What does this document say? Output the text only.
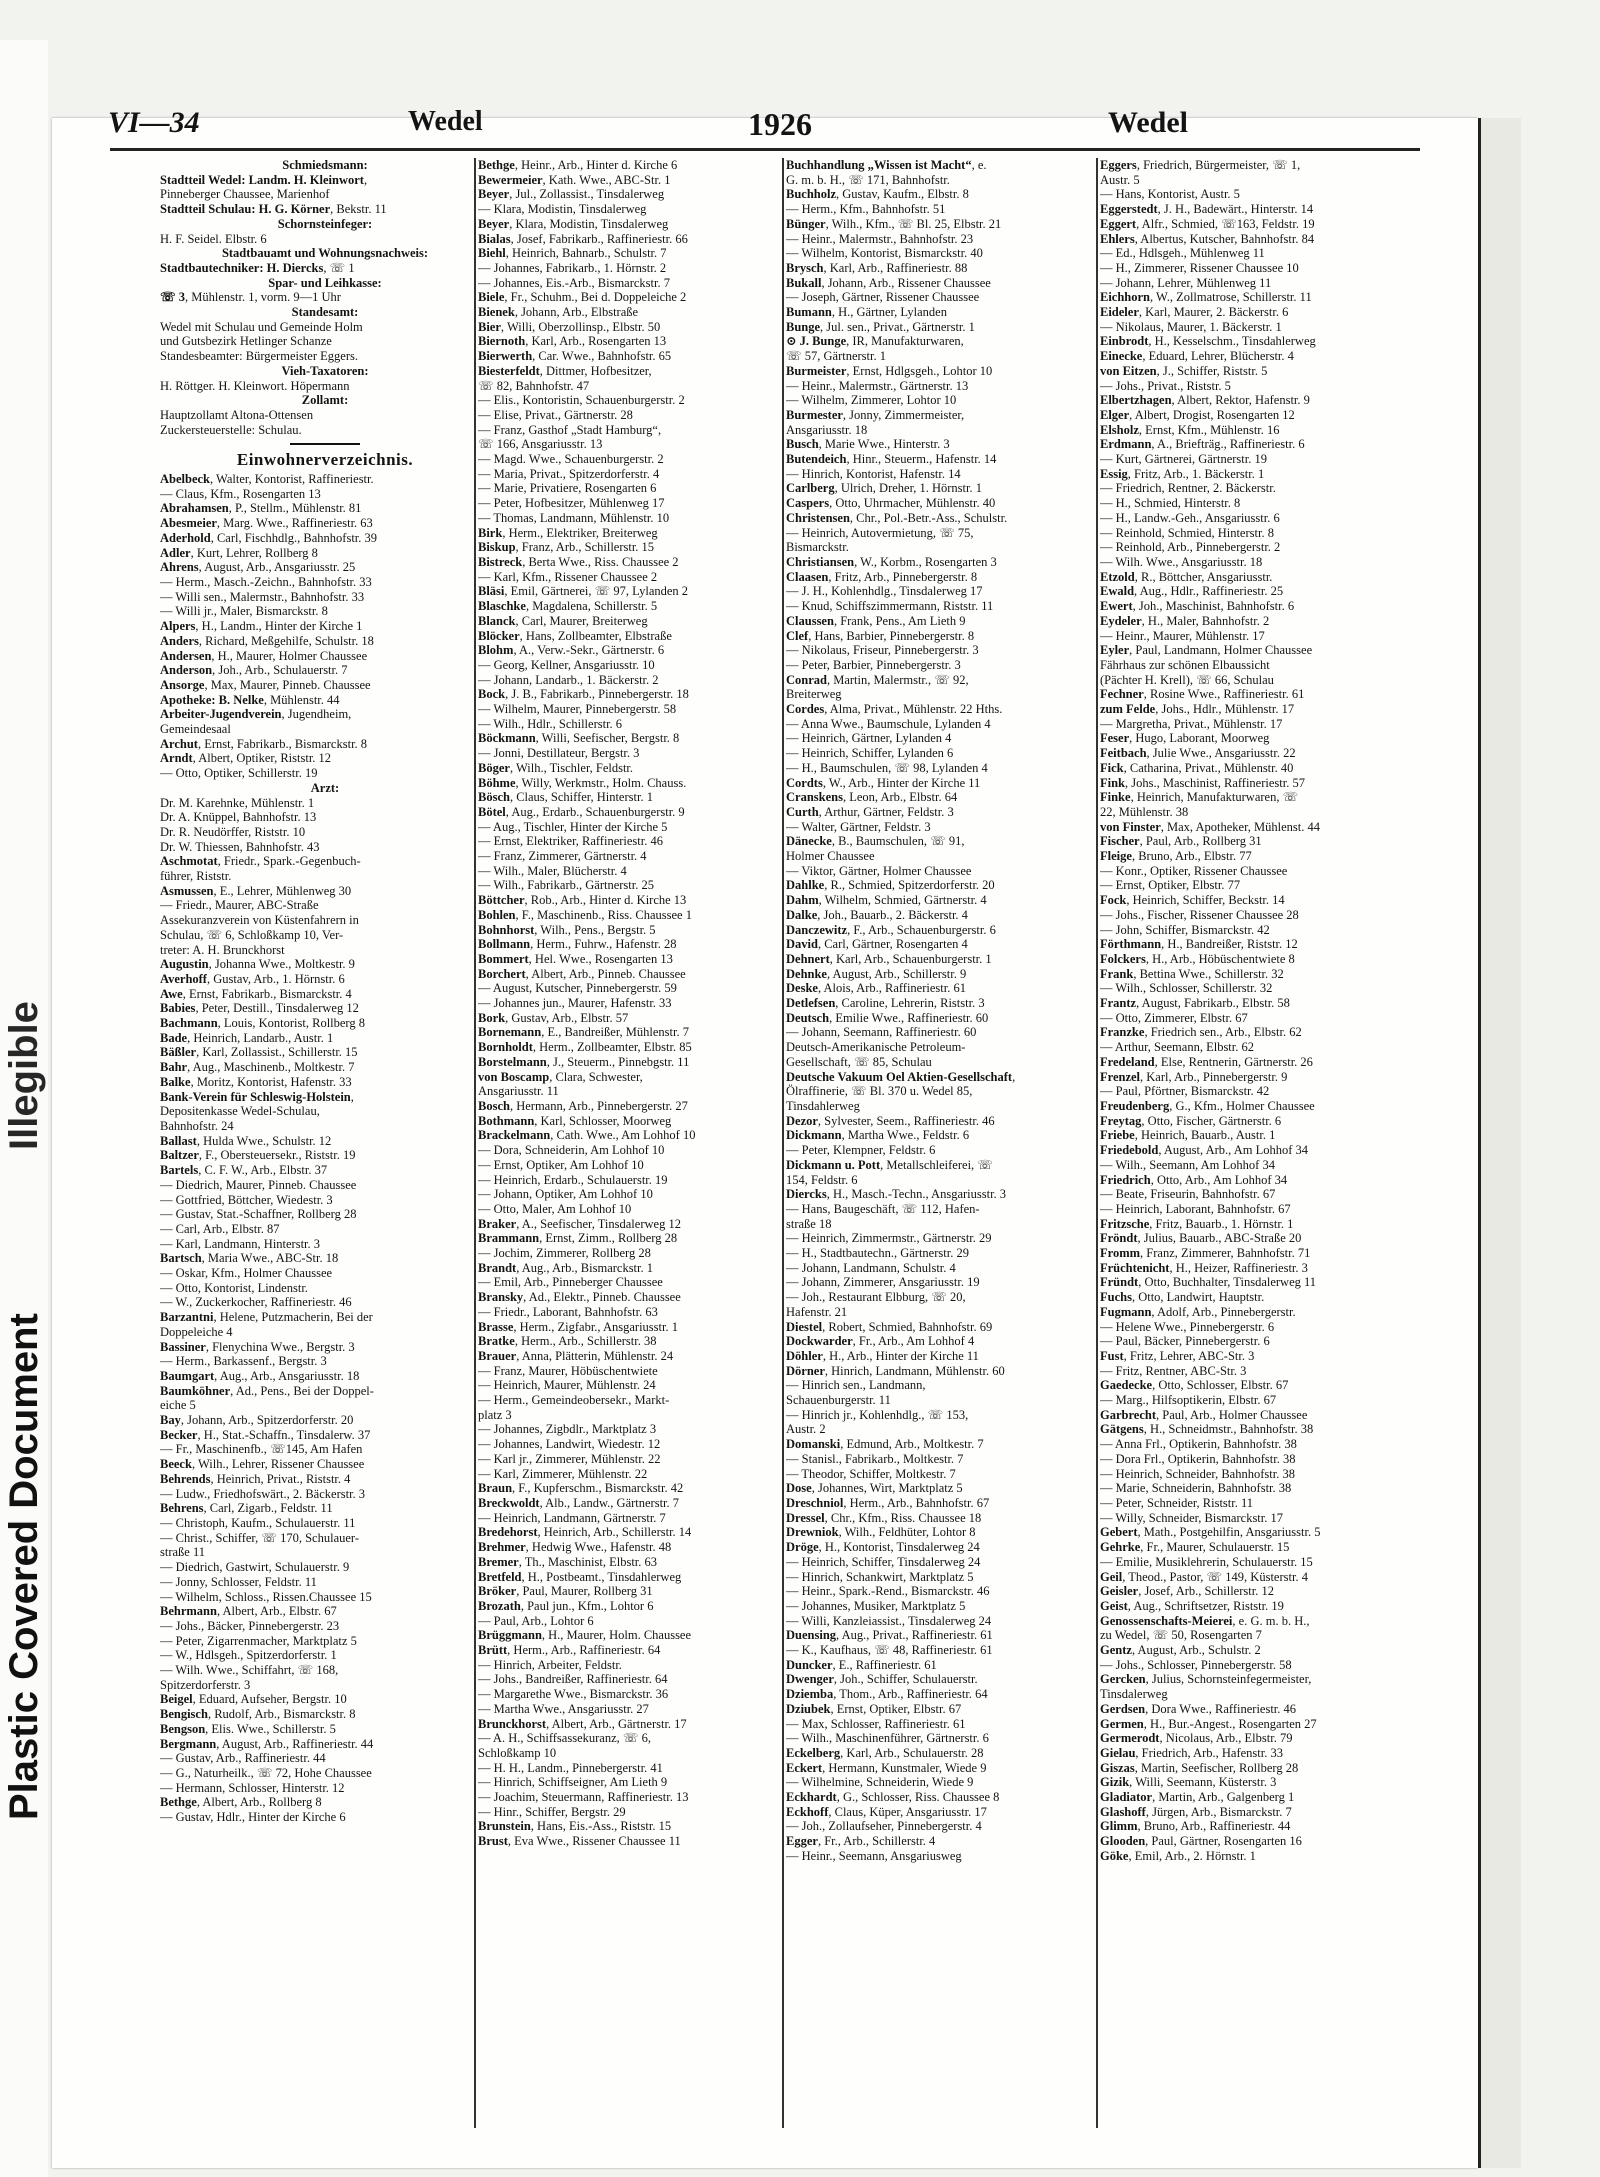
Plastic Covered Document
Illegible
VI—34	Wedel	1926	Wedel
Schmiedsmann:
Stadtteil Wedel: Landm. H. Kleinwort,
Pinneberger Chaussee, Marienhof
Stadtteil Schulau: H. G. Körner, Bekstr. 11
Schornsteinfeger:
H. F. Seidel. Elbstr. 6
Stadtbauamt und Wohnungsnachweis:
Stadtbautechniker: H. Diercks, ☏ 1
Spar- und Leihkasse:
☏ 3, Mühlenstr. 1, vorm. 9—1 Uhr
Standesamt:
Wedel mit Schulau und Gemeinde Holm
und Gutsbezirk Hetlinger Schanze
Standesbeamter: Bürgermeister Eggers.
Vieh-Taxatoren:
H. Röttger. H. Kleinwort. Höpermann
Zollamt:
Hauptzollamt Altona-Ottensen
Zuckersteuerstelle: Schulau.
Einwohnerverzeichnis.
Abelbeck, Walter, Kontorist, Raffineriestr.
— Claus, Kfm., Rosengarten 13
Abrahamsen, P., Stellm., Mühlenstr. 81
Abesmeier, Marg. Wwe., Raffineriestr. 63
Aderhold, Carl, Fischhdlg., Bahnhofstr. 39
Adler, Kurt, Lehrer, Rollberg 8
Ahrens, August, Arb., Ansgariusstr. 25
— Herm., Masch.-Zeichn., Bahnhofstr. 33
— Willi sen., Malermstr., Bahnhofstr. 33
— Willi jr., Maler, Bismarckstr. 8
Alpers, H., Landm., Hinter der Kirche 1
Anders, Richard, Meßgehilfe, Schulstr. 18
Andersen, H., Maurer, Holmer Chaussee
Anderson, Joh., Arb., Schulauerstr. 7
Ansorge, Max, Maurer, Pinneb. Chaussee
Apotheke: B. Nelke, Mühlenstr. 44
Arbeiter-Jugendverein, Jugendheim,
Gemeindesaal
Archut, Ernst, Fabrikarb., Bismarckstr. 8
Arndt, Albert, Optiker, Riststr. 12
— Otto, Optiker, Schillerstr. 19
Arzt:
Dr. M. Karehnke, Mühlenstr. 1
Dr. A. Knüppel, Bahnhofstr. 13
Dr. R. Neudörffer, Riststr. 10
Dr. W. Thiessen, Bahnhofstr. 43
Aschmotat, Friedr., Spark.-Gegenbuch-
führer, Riststr.
Asmussen, E., Lehrer, Mühlenweg 30
— Friedr., Maurer, ABC-Straße
Assekuranzverein von Küstenfahrern in
Schulau, ☏ 6, Schloßkamp 10, Ver-
treter: A. H. Brunckhorst
Augustin, Johanna Wwe., Moltkestr. 9
Averhoff, Gustav, Arb., 1. Hörnstr. 6
Awe, Ernst, Fabrikarb., Bismarckstr. 4
Babies, Peter, Destill., Tinsdalerweg 12
Bachmann, Louis, Kontorist, Rollberg 8
Bade, Heinrich, Landarb., Austr. 1
Bäßler, Karl, Zollassist., Schillerstr. 15
Bahr, Aug., Maschinenb., Moltkestr. 7
Balke, Moritz, Kontorist, Hafenstr. 33
Bank-Verein für Schleswig-Holstein,
Depositenkasse Wedel-Schulau,
Bahnhofstr. 24
Ballast, Hulda Wwe., Schulstr. 12
Baltzer, F., Obersteuersekr., Riststr. 19
Bartels, C. F. W., Arb., Elbstr. 37
— Diedrich, Maurer, Pinneb. Chaussee
— Gottfried, Böttcher, Wiedestr. 3
— Gustav, Stat.-Schaffner, Rollberg 28
— Carl, Arb., Elbstr. 87
— Karl, Landmann, Hinterstr. 3
Bartsch, Maria Wwe., ABC-Str. 18
— Oskar, Kfm., Holmer Chaussee
— Otto, Kontorist, Lindenstr.
— W., Zuckerkocher, Raffineriestr. 46
Barzantni, Helene, Putzmacherin, Bei der
Doppeleiche 4
Bassiner, Flenychina Wwe., Bergstr. 3
— Herm., Barkassenf., Bergstr. 3
Baumgart, Aug., Arb., Ansgariusstr. 18
Baumköhner, Ad., Pens., Bei der Doppel-
eiche 5
Bay, Johann, Arb., Spitzerdorferstr. 20
Becker, H., Stat.-Schaffn., Tinsdalerw. 37
— Fr., Maschinenfb., ☏145, Am Hafen
Beeck, Wilh., Lehrer, Rissener Chaussee
Behrends, Heinrich, Privat., Riststr. 4
— Ludw., Friedhofswärt., 2. Bäckerstr. 3
Behrens, Carl, Zigarb., Feldstr. 11
— Christoph, Kaufm., Schulauerstr. 11
— Christ., Schiffer, ☏ 170, Schulauer-
straße 11
— Diedrich, Gastwirt, Schulauerstr. 9
— Jonny, Schlosser, Feldstr. 11
— Wilhelm, Schloss., Rissen.Chaussee 15
Behrmann, Albert, Arb., Elbstr. 67
— Johs., Bäcker, Pinnebergerstr. 23
— Peter, Zigarrenmacher, Marktplatz 5
— W., Hdlsgeh., Spitzerdorferstr. 1
— Wilh. Wwe., Schiffahrt, ☏ 168,
Spitzerdorferstr. 3
Beigel, Eduard, Aufseher, Bergstr. 10
Bengisch, Rudolf, Arb., Bismarckstr. 8
Bengson, Elis. Wwe., Schillerstr. 5
Bergmann, August, Arb., Raffineriestr. 44
— Gustav, Arb., Raffineriestr. 44
— G., Naturheilk., ☏ 72, Hohe Chaussee
— Hermann, Schlosser, Hinterstr. 12
Bethge, Albert, Arb., Rollberg 8
— Gustav, Hdlr., Hinter der Kirche 6
Bethge, Heinr., Arb., Hinter d. Kirche 6
Bewermeier, Kath. Wwe., ABC-Str. 1
Beyer, Jul., Zollassist., Tinsdalerweg
— Klara, Modistin, Tinsdalerweg
Beyer, Klara, Modistin, Tinsdalerweg
Bialas, Josef, Fabrikarb., Raffineriestr. 66
Biehl, Heinrich, Bahnarb., Schulstr. 7
— Johannes, Fabrikarb., 1. Hörnstr. 2
— Johannes, Eis.-Arb., Bismarckstr. 7
Biele, Fr., Schuhm., Bei d. Doppeleiche 2
Bienek, Johann, Arb., Elbstraße
Bier, Willi, Oberzollinsp., Elbstr. 50
Biernoth, Karl, Arb., Rosengarten 13
Bierwerth, Car. Wwe., Bahnhofstr. 65
Biesterfeldt, Dittmer, Hofbesitzer,
☏ 82, Bahnhofstr. 47
— Elis., Kontoristin, Schauenburgerstr. 2
— Elise, Privat., Gärtnerstr. 28
— Franz, Gasthof „Stadt Hamburg“,
☏ 166, Ansgariusstr. 13
— Magd. Wwe., Schauenburgerstr. 2
— Maria, Privat., Spitzerdorferstr. 4
— Marie, Privatiere, Rosengarten 6
— Peter, Hofbesitzer, Mühlenweg 17
— Thomas, Landmann, Mühlenstr. 10
Birk, Herm., Elektriker, Breiterweg
Biskup, Franz, Arb., Schillerstr. 15
Bistreck, Berta Wwe., Riss. Chaussee 2
— Karl, Kfm., Rissener Chaussee 2
Bläsi, Emil, Gärtnerei, ☏ 97, Lylanden 2
Blaschke, Magdalena, Schillerstr. 5
Blanck, Carl, Maurer, Breiterweg
Blöcker, Hans, Zollbeamter, Elbstraße
Blohm, A., Verw.-Sekr., Gärtnerstr. 6
— Georg, Kellner, Ansgariusstr. 10
— Johann, Landarb., 1. Bäckerstr. 2
Bock, J. B., Fabrikarb., Pinnebergerstr. 18
— Wilhelm, Maurer, Pinnebergerstr. 58
— Wilh., Hdlr., Schillerstr. 6
Böckmann, Willi, Seefischer, Bergstr. 8
— Jonni, Destillateur, Bergstr. 3
Böger, Wilh., Tischler, Feldstr.
Böhme, Willy, Werkmstr., Holm. Chauss.
Bösch, Claus, Schiffer, Hinterstr. 1
Bötel, Aug., Erdarb., Schauenburgerstr. 9
— Aug., Tischler, Hinter der Kirche 5
— Ernst, Elektriker, Raffineriestr. 46
— Franz, Zimmerer, Gärtnerstr. 4
— Wilh., Maler, Blücherstr. 4
— Wilh., Fabrikarb., Gärtnerstr. 25
Böttcher, Rob., Arb., Hinter d. Kirche 13
Bohlen, F., Maschinenb., Riss. Chaussee 1
Bohnhorst, Wilh., Pens., Bergstr. 5
Bollmann, Herm., Fuhrw., Hafenstr. 28
Bommert, Hel. Wwe., Rosengarten 13
Borchert, Albert, Arb., Pinneb. Chaussee
— August, Kutscher, Pinnebergerstr. 59
— Johannes jun., Maurer, Hafenstr. 33
Bork, Gustav, Arb., Elbstr. 57
Bornemann, E., Bandreißer, Mühlenstr. 7
Bornholdt, Herm., Zollbeamter, Elbstr. 85
Borstelmann, J., Steuerm., Pinnebgstr. 11
von Boscamp, Clara, Schwester,
Ansgariusstr. 11
Bosch, Hermann, Arb., Pinnebergerstr. 27
Bothmann, Karl, Schlosser, Moorweg
Brackelmann, Cath. Wwe., Am Lohhof 10
— Dora, Schneiderin, Am Lohhof 10
— Ernst, Optiker, Am Lohhof 10
— Heinrich, Erdarb., Schulauerstr. 19
— Johann, Optiker, Am Lohhof 10
— Otto, Maler, Am Lohhof 10
Braker, A., Seefischer, Tinsdalerweg 12
Brammann, Ernst, Zimm., Rollberg 28
— Jochim, Zimmerer, Rollberg 28
Brandt, Aug., Arb., Bismarckstr. 1
— Emil, Arb., Pinneberger Chaussee
Bransky, Ad., Elektr., Pinneb. Chaussee
— Friedr., Laborant, Bahnhofstr. 63
Brasse, Herm., Zigfabr., Ansgariusstr. 1
Bratke, Herm., Arb., Schillerstr. 38
Brauer, Anna, Plätterin, Mühlenstr. 24
— Franz, Maurer, Höbüschentwiete
— Heinrich, Maurer, Mühlenstr. 24
— Herm., Gemeindeobersekr., Markt-
platz 3
— Johannes, Zigbdlr., Marktplatz 3
— Johannes, Landwirt, Wiedestr. 12
— Karl jr., Zimmerer, Mühlenstr. 22
— Karl, Zimmerer, Mühlenstr. 22
Braun, F., Kupferschm., Bismarckstr. 42
Breckwoldt, Alb., Landw., Gärtnerstr. 7
— Heinrich, Landmann, Gärtnerstr. 7
Bredehorst, Heinrich, Arb., Schillerstr. 14
Brehmer, Hedwig Wwe., Hafenstr. 48
Bremer, Th., Maschinist, Elbstr. 63
Bretfeld, H., Postbeamt., Tinsdahlerweg
Bröker, Paul, Maurer, Rollberg 31
Brozath, Paul jun., Kfm., Lohtor 6
— Paul, Arb., Lohtor 6
Brüggmann, H., Maurer, Holm. Chaussee
Brütt, Herm., Arb., Raffineriestr. 64
— Hinrich, Arbeiter, Feldstr.
— Johs., Bandreißer, Raffineriestr. 64
— Margarethe Wwe., Bismarckstr. 36
— Martha Wwe., Ansgariusstr. 27
Brunckhorst, Albert, Arb., Gärtnerstr. 17
— A. H., Schiffsassekuranz, ☏ 6,
Schloßkamp 10
— H. H., Landm., Pinnebergerstr. 41
— Hinrich, Schiffseigner, Am Lieth 9
— Joachim, Steuermann, Raffineriestr. 13
— Hinr., Schiffer, Bergstr. 29
Brunstein, Hans, Eis.-Ass., Riststr. 15
Brust, Eva Wwe., Rissener Chaussee 11
Buchhandlung „Wissen ist Macht“, e.
G. m. b. H., ☏ 171, Bahnhofstr.
Buchholz, Gustav, Kaufm., Elbstr. 8
— Herm., Kfm., Bahnhofstr. 51
Bünger, Wilh., Kfm., ☏ Bl. 25, Elbstr. 21
— Heinr., Malermstr., Bahnhofstr. 23
— Wilhelm, Kontorist, Bismarckstr. 40
Brysch, Karl, Arb., Raffineriestr. 88
Bukall, Johann, Arb., Rissener Chaussee
— Joseph, Gärtner, Rissener Chaussee
Bumann, H., Gärtner, Lylanden
Bunge, Jul. sen., Privat., Gärtnerstr. 1
⊙ J. Bunge, IR, Manufakturwaren,
☏ 57, Gärtnerstr. 1
Burmeister, Ernst, Hdlgsgeh., Lohtor 10
— Heinr., Malermstr., Gärtnerstr. 13
— Wilhelm, Zimmerer, Lohtor 10
Burmester, Jonny, Zimmermeister,
Ansgariusstr. 18
Busch, Marie Wwe., Hinterstr. 3
Butendeich, Hinr., Steuerm., Hafenstr. 14
— Hinrich, Kontorist, Hafenstr. 14
Carlberg, Ulrich, Dreher, 1. Hörnstr. 1
Caspers, Otto, Uhrmacher, Mühlenstr. 40
Christensen, Chr., Pol.-Betr.-Ass., Schulstr.
— Heinrich, Autovermietung, ☏ 75,
Bismarckstr.
Christiansen, W., Korbm., Rosengarten 3
Claasen, Fritz, Arb., Pinnebergerstr. 8
— J. H., Kohlenhdlg., Tinsdalerweg 17
— Knud, Schiffszimmermann, Riststr. 11
Claussen, Frank, Pens., Am Lieth 9
Clef, Hans, Barbier, Pinnebergerstr. 8
— Nikolaus, Friseur, Pinnebergerstr. 3
— Peter, Barbier, Pinnebergerstr. 3
Conrad, Martin, Malermstr., ☏ 92,
Breiterweg
Cordes, Alma, Privat., Mühlenstr. 22 Hths.
— Anna Wwe., Baumschule, Lylanden 4
— Heinrich, Gärtner, Lylanden 4
— Heinrich, Schiffer, Lylanden 6
— H., Baumschulen, ☏ 98, Lylanden 4
Cordts, W., Arb., Hinter der Kirche 11
Cranskens, Leon, Arb., Elbstr. 64
Curth, Arthur, Gärtner, Feldstr. 3
— Walter, Gärtner, Feldstr. 3
Dänecke, B., Baumschulen, ☏ 91,
Holmer Chaussee
— Viktor, Gärtner, Holmer Chaussee
Dahlke, R., Schmied, Spitzerdorferstr. 20
Dahm, Wilhelm, Schmied, Gärtnerstr. 4
Dalke, Joh., Bauarb., 2. Bäckerstr. 4
Danczewitz, F., Arb., Schauenburgerstr. 6
David, Carl, Gärtner, Rosengarten 4
Dehnert, Karl, Arb., Schauenburgerstr. 1
Dehnke, August, Arb., Schillerstr. 9
Deske, Alois, Arb., Raffineriestr. 61
Detlefsen, Caroline, Lehrerin, Riststr. 3
Deutsch, Emilie Wwe., Raffineriestr. 60
— Johann, Seemann, Raffineriestr. 60
Deutsch-Amerikanische Petroleum-
Gesellschaft, ☏ 85, Schulau
Deutsche Vakuum Oel Aktien-Gesellschaft,
Ölraffinerie, ☏ Bl. 370 u. Wedel 85,
Tinsdahlerweg
Dezor, Sylvester, Seem., Raffineriestr. 46
Dickmann, Martha Wwe., Feldstr. 6
— Peter, Klempner, Feldstr. 6
Dickmann u. Pott, Metallschleiferei, ☏
154, Feldstr. 6
Diercks, H., Masch.-Techn., Ansgariusstr. 3
— Hans, Baugeschäft, ☏ 112, Hafen-
straße 18
— Heinrich, Zimmermstr., Gärtnerstr. 29
— H., Stadtbautechn., Gärtnerstr. 29
— Johann, Landmann, Schulstr. 4
— Johann, Zimmerer, Ansgariusstr. 19
— Joh., Restaurant Elbburg, ☏ 20,
Hafenstr. 21
Diestel, Robert, Schmied, Bahnhofstr. 69
Dockwarder, Fr., Arb., Am Lohhof 4
Döhler, H., Arb., Hinter der Kirche 11
Dörner, Hinrich, Landmann, Mühlenstr. 60
— Hinrich sen., Landmann,
Schauenburgerstr. 11
— Hinrich jr., Kohlenhdlg., ☏ 153,
Austr. 2
Domanski, Edmund, Arb., Moltkestr. 7
— Stanisl., Fabrikarb., Moltkestr. 7
— Theodor, Schiffer, Moltkestr. 7
Dose, Johannes, Wirt, Marktplatz 5
Dreschniol, Herm., Arb., Bahnhofstr. 67
Dressel, Chr., Kfm., Riss. Chaussee 18
Drewniok, Wilh., Feldhüter, Lohtor 8
Dröge, H., Kontorist, Tinsdalerweg 24
— Heinrich, Schiffer, Tinsdalerweg 24
— Hinrich, Schankwirt, Marktplatz 5
— Heinr., Spark.-Rend., Bismarckstr. 46
— Johannes, Musiker, Marktplatz 5
— Willi, Kanzleiassist., Tinsdalerweg 24
Duensing, Aug., Privat., Raffineriestr. 61
— K., Kaufhaus, ☏ 48, Raffineriestr. 61
Duncker, E., Raffineriestr. 61
Dwenger, Joh., Schiffer, Schulauerstr.
Dziemba, Thom., Arb., Raffineriestr. 64
Dziubek, Ernst, Optiker, Elbstr. 67
— Max, Schlosser, Raffineriestr. 61
— Wilh., Maschinenführer, Gärtnerstr. 6
Eckelberg, Karl, Arb., Schulauerstr. 28
Eckert, Hermann, Kunstmaler, Wiede 9
— Wilhelmine, Schneiderin, Wiede 9
Eckhardt, G., Schlosser, Riss. Chaussee 8
Eckhoff, Claus, Küper, Ansgariusstr. 17
— Joh., Zollaufseher, Pinnebergerstr. 4
Egger, Fr., Arb., Schillerstr. 4
— Heinr., Seemann, Ansgariusweg
Eggers, Friedrich, Bürgermeister, ☏ 1,
Austr. 5
— Hans, Kontorist, Austr. 5
Eggerstedt, J. H., Badewärt., Hinterstr. 14
Eggert, Alfr., Schmied, ☏163, Feldstr. 19
Ehlers, Albertus, Kutscher, Bahnhofstr. 84
— Ed., Hdlsgeh., Mühlenweg 11
— H., Zimmerer, Rissener Chaussee 10
— Johann, Lehrer, Mühlenweg 11
Eichhorn, W., Zollmatrose, Schillerstr. 11
Eideler, Karl, Maurer, 2. Bäckerstr. 6
— Nikolaus, Maurer, 1. Bäckerstr. 1
Einbrodt, H., Kesselschm., Tinsdahlerweg
Einecke, Eduard, Lehrer, Blücherstr. 4
von Eitzen, J., Schiffer, Riststr. 5
— Johs., Privat., Riststr. 5
Elbertzhagen, Albert, Rektor, Hafenstr. 9
Elger, Albert, Drogist, Rosengarten 12
Elsholz, Ernst, Kfm., Mühlenstr. 16
Erdmann, A., Briefträg., Raffineriestr. 6
— Kurt, Gärtnerei, Gärtnerstr. 19
Essig, Fritz, Arb., 1. Bäckerstr. 1
— Friedrich, Rentner, 2. Bäckerstr.
— H., Schmied, Hinterstr. 8
— H., Landw.-Geh., Ansgariusstr. 6
— Reinhold, Schmied, Hinterstr. 8
— Reinhold, Arb., Pinnebergerstr. 2
— Wilh. Wwe., Ansgariusstr. 18
Etzold, R., Böttcher, Ansgariusstr.
Ewald, Aug., Hdlr., Raffineriestr. 25
Ewert, Joh., Maschinist, Bahnhofstr. 6
Eydeler, H., Maler, Bahnhofstr. 2
— Heinr., Maurer, Mühlenstr. 17
Eyler, Paul, Landmann, Holmer Chaussee
Fährhaus zur schönen Elbaussicht
(Pächter H. Krell), ☏ 66, Schulau
Fechner, Rosine Wwe., Raffineriestr. 61
zum Felde, Johs., Hdlr., Mühlenstr. 17
— Margretha, Privat., Mühlenstr. 17
Feser, Hugo, Laborant, Moorweg
Feitbach, Julie Wwe., Ansgariusstr. 22
Fick, Catharina, Privat., Mühlenstr. 40
Fink, Johs., Maschinist, Raffineriestr. 57
Finke, Heinrich, Manufakturwaren, ☏
22, Mühlenstr. 38
von Finster, Max, Apotheker, Mühlenst. 44
Fischer, Paul, Arb., Rollberg 31
Fleige, Bruno, Arb., Elbstr. 77
— Konr., Optiker, Rissener Chaussee
— Ernst, Optiker, Elbstr. 77
Fock, Heinrich, Schiffer, Beckstr. 14
— Johs., Fischer, Rissener Chaussee 28
— John, Schiffer, Bismarckstr. 42
Förthmann, H., Bandreißer, Riststr. 12
Folckers, H., Arb., Höbüschentwiete 8
Frank, Bettina Wwe., Schillerstr. 32
— Wilh., Schlosser, Schillerstr. 32
Frantz, August, Fabrikarb., Elbstr. 58
— Otto, Zimmerer, Elbstr. 67
Franzke, Friedrich sen., Arb., Elbstr. 62
— Arthur, Seemann, Elbstr. 62
Fredeland, Else, Rentnerin, Gärtnerstr. 26
Frenzel, Karl, Arb., Pinnebergerstr. 9
— Paul, Pförtner, Bismarckstr. 42
Freudenberg, G., Kfm., Holmer Chaussee
Freytag, Otto, Fischer, Gärtnerstr. 6
Friebe, Heinrich, Bauarb., Austr. 1
Friedebold, August, Arb., Am Lohhof 34
— Wilh., Seemann, Am Lohhof 34
Friedrich, Otto, Arb., Am Lohhof 34
— Beate, Friseurin, Bahnhofstr. 67
— Heinrich, Laborant, Bahnhofstr. 67
Fritzsche, Fritz, Bauarb., 1. Hörnstr. 1
Fröndt, Julius, Bauarb., ABC-Straße 20
Fromm, Franz, Zimmerer, Bahnhofstr. 71
Früchtenicht, H., Heizer, Raffineriestr. 3
Fründt, Otto, Buchhalter, Tinsdalerweg 11
Fuchs, Otto, Landwirt, Hauptstr.
Fugmann, Adolf, Arb., Pinnebergerstr.
— Helene Wwe., Pinnebergerstr. 6
— Paul, Bäcker, Pinnebergerstr. 6
Fust, Fritz, Lehrer, ABC-Str. 3
— Fritz, Rentner, ABC-Str. 3
Gaedecke, Otto, Schlosser, Elbstr. 67
— Marg., Hilfsoptikerin, Elbstr. 67
Garbrecht, Paul, Arb., Holmer Chaussee
Gätgens, H., Schneidmstr., Bahnhofstr. 38
— Anna Frl., Optikerin, Bahnhofstr. 38
— Dora Frl., Optikerin, Bahnhofstr. 38
— Heinrich, Schneider, Bahnhofstr. 38
— Marie, Schneiderin, Bahnhofstr. 38
— Peter, Schneider, Riststr. 11
— Willy, Schneider, Bismarckstr. 17
Gebert, Math., Postgehilfin, Ansgariusstr. 5
Gehrke, Fr., Maurer, Schulauerstr. 15
— Emilie, Musiklehrerin, Schulauerstr. 15
Geil, Theod., Pastor, ☏ 149, Küsterstr. 4
Geisler, Josef, Arb., Schillerstr. 12
Geist, Aug., Schriftsetzer, Riststr. 19
Genossenschafts-Meierei, e. G. m. b. H.,
zu Wedel, ☏ 50, Rosengarten 7
Gentz, August, Arb., Schulstr. 2
— Johs., Schlosser, Pinnebergerstr. 58
Gercken, Julius, Schornsteinfegermeister,
Tinsdalerweg
Gerdsen, Dora Wwe., Raffineriestr. 46
Germen, H., Bur.-Angest., Rosengarten 27
Germerodt, Nicolaus, Arb., Elbstr. 79
Gielau, Friedrich, Arb., Hafenstr. 33
Giszas, Martin, Seefischer, Rollberg 28
Gizik, Willi, Seemann, Küsterstr. 3
Gladiator, Martin, Arb., Galgenberg 1
Glashoff, Jürgen, Arb., Bismarckstr. 7
Glimm, Bruno, Arb., Raffineriestr. 44
Glooden, Paul, Gärtner, Rosengarten 16
Göke, Emil, Arb., 2. Hörnstr. 1
